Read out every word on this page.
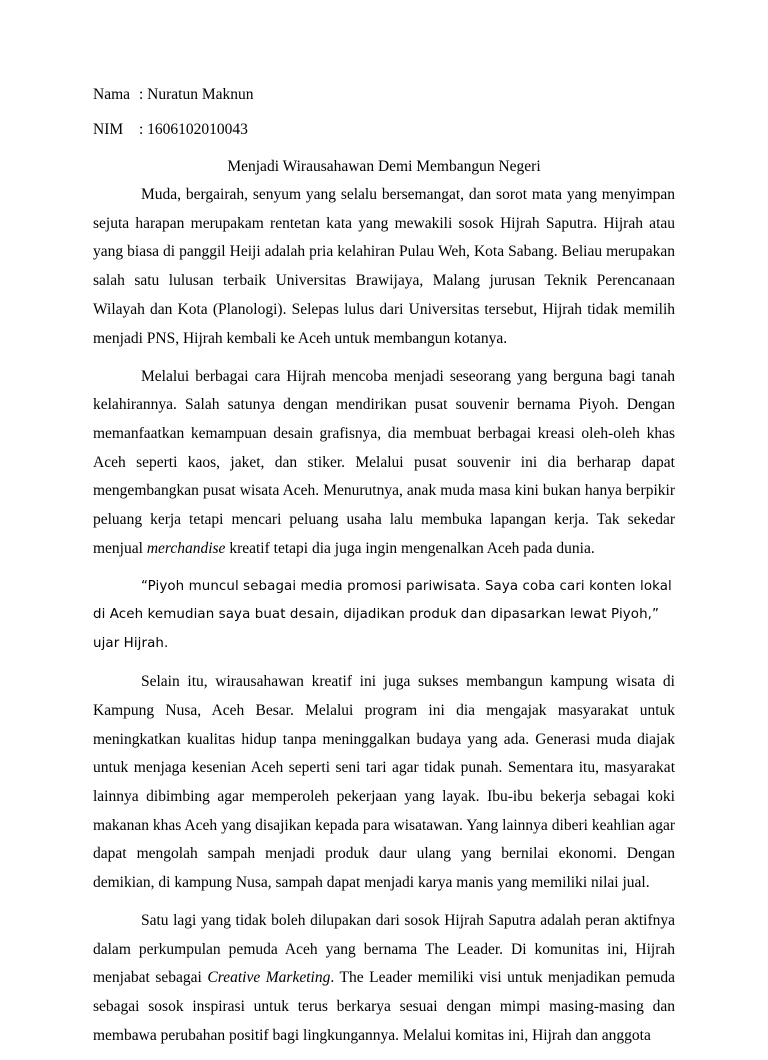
Nama : Nuratun Maknun
NIM : 1606102010043
Menjadi Wirausahawan Demi Membangun Negeri

Muda, bergairah, senyum yang selalu bersemangat, dan sorot mata yang menyimpan sejuta harapan merupakam rentetan kata yang mewakili sosok Hijrah Saputra. Hijrah atau yang biasa di panggil Heiji adalah pria kelahiran Pulau Weh, Kota Sabang. Beliau merupakan salah satu lulusan terbaik Universitas Brawijaya, Malang jurusan Teknik Perencanaan Wilayah dan Kota (Planologi). Selepas lulus dari Universitas tersebut, Hijrah tidak memilih menjadi PNS, Hijrah kembali ke Aceh untuk membangun kotanya.

Melalui berbagai cara Hijrah mencoba menjadi seseorang yang berguna bagi tanah kelahirannya. Salah satunya dengan mendirikan pusat souvenir bernama Piyoh. Dengan memanfaatkan kemampuan desain grafisnya, dia membuat berbagai kreasi oleh-oleh khas Aceh seperti kaos, jaket, dan stiker. Melalui pusat souvenir ini dia berharap dapat mengembangkan pusat wisata Aceh. Menurutnya, anak muda masa kini bukan hanya berpikir peluang kerja tetapi mencari peluang usaha lalu membuka lapangan kerja. Tak sekedar menjual merchandise kreatif tetapi dia juga ingin mengenalkan Aceh pada dunia.

“Piyoh muncul sebagai media promosi pariwisata. Saya coba cari konten lokal di Aceh kemudian saya buat desain, dijadikan produk dan dipasarkan lewat Piyoh,” ujar Hijrah.

Selain itu, wirausahawan kreatif ini juga sukses membangun kampung wisata di Kampung Nusa, Aceh Besar. Melalui program ini dia mengajak masyarakat untuk meningkatkan kualitas hidup tanpa meninggalkan budaya yang ada. Generasi muda diajak untuk menjaga kesenian Aceh seperti seni tari agar tidak punah. Sementara itu, masyarakat lainnya dibimbing agar memperoleh pekerjaan yang layak. Ibu-ibu bekerja sebagai koki makanan khas Aceh yang disajikan kepada para wisatawan. Yang lainnya diberi keahlian agar dapat mengolah sampah menjadi produk daur ulang yang bernilai ekonomi. Dengan demikian, di kampung Nusa, sampah dapat menjadi karya manis yang memiliki nilai jual.

Satu lagi yang tidak boleh dilupakan dari sosok Hijrah Saputra adalah peran aktifnya dalam perkumpulan pemuda Aceh yang bernama The Leader. Di komunitas ini, Hijrah menjabat sebagai Creative Marketing. The Leader memiliki visi untuk menjadikan pemuda sebagai sosok inspirasi untuk terus berkarya sesuai dengan mimpi masing-masing dan membawa perubahan positif bagi lingkungannya. Melalui komitas ini, Hijrah dan anggota
